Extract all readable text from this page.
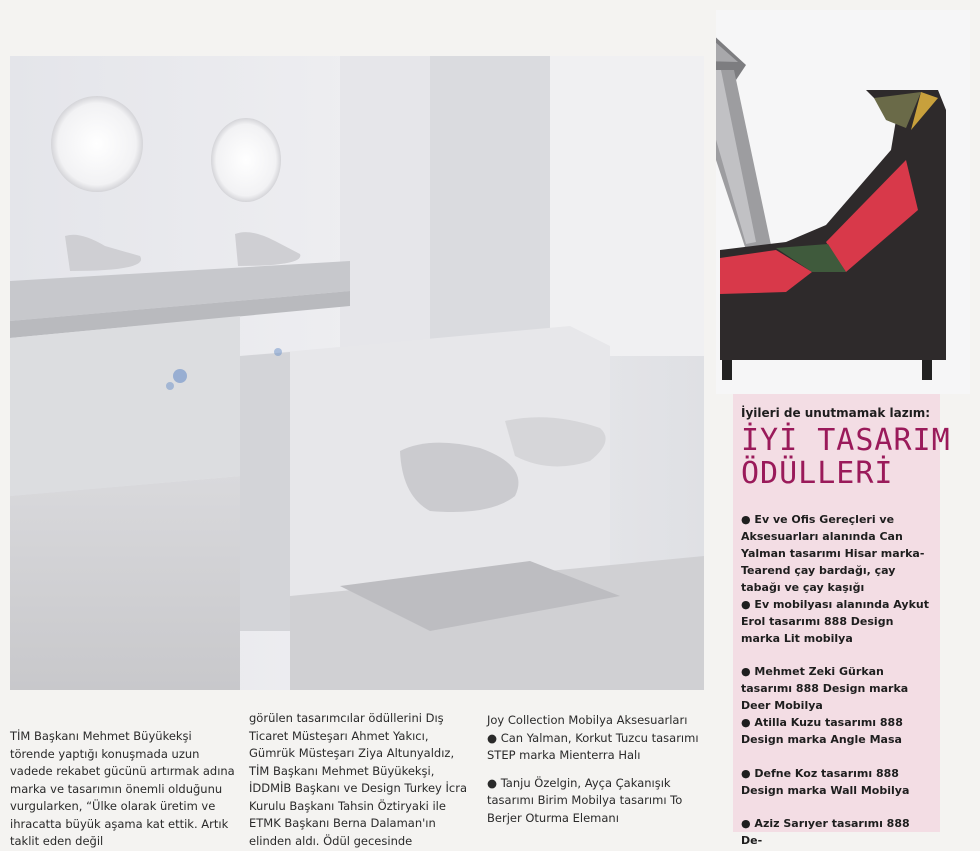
İyileri de unutmamak lazım:
İYİ TASARIM
ÖDÜLLERİ
● Ev ve Ofis Gereçleri ve Aksesuarları alanında Can Yalman tasarımı Hisar marka-Tearend çay bardağı, çay tabağı ve çay kaşığı
● Ev mobilyası alanında Aykut Erol tasarımı 888 Design marka Lit mobilya
● Mehmet Zeki Gürkan tasarımı 888 Design marka Deer Mobilya
● Atilla Kuzu tasarımı 888 Design marka Angle Masa
● Defne Koz tasarımı 888 Design marka Wall Mobilya
● Aziz Sarıyer tasarımı 888 De-
TİM Başkanı Mehmet Büyükekşi törende yaptığı konuşmada uzun vadede rekabet gücünü artırmak adına marka ve tasarımın önemli olduğunu vurgularken, “Ülke olarak üretim ve ihracatta büyük aşama kat ettik. Artık taklit eden değil
görülen tasarımcılar ödüllerini Dış Ticaret Müsteşarı Ahmet Yakıcı, Gümrük Müsteşarı Ziya Altunyaldız, TİM Başkanı Mehmet Büyükekşi, İDDMİB Başkanı ve Design Turkey İcra Kurulu Başkanı Tahsin Öztiryaki ile ETMK Başkanı Berna Dalaman'ın elinden aldı. Ödül gecesinde

Joy Collection Mobilya Aksesuarları

● Can Yalman, Korkut Tuzcu tasarımı STEP marka Mienterra Halı

● Tanju Özelgin, Ayça Çakanışık tasarımı Birim Mobilya tasarımı To Berjer Oturma Elemanı
